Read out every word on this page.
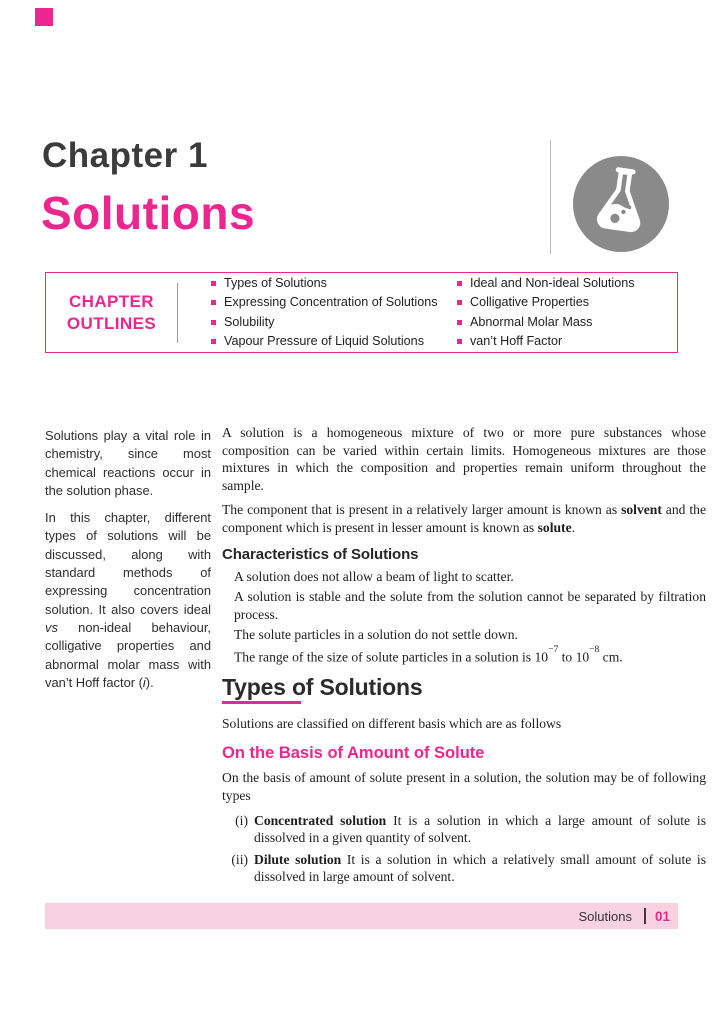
Chapter 1
Solutions
CHAPTER
OUTLINES
Types of Solutions
Expressing Concentration of Solutions
Solubility
Vapour Pressure of Liquid Solutions
Ideal and Non-ideal Solutions
Colligative Properties
Abnormal Molar Mass
van’t Hoff Factor

Solutions play a vital role in chemistry, since most chemical reactions occur in the solution phase.

In this chapter, different types of solutions will be discussed, along with standard methods of expressing concentration solution. It also covers ideal vs non-ideal behaviour, colligative properties and abnormal molar mass with van’t Hoff factor (i).

A solution is a homogeneous mixture of two or more pure substances whose composition can be varied within certain limits. Homogeneous mixtures are those mixtures in which the composition and properties remain uniform throughout the sample.

The component that is present in a relatively larger amount is known as solvent and the component which is present in lesser amount is known as solute.

Characteristics of Solutions
A solution does not allow a beam of light to scatter.
A solution is stable and the solute from the solution cannot be separated by filtration process.
The solute particles in a solution do not settle down.
The range of the size of solute particles in a solution is $10^{-7}$ to $10^{-8}$ cm.
Types of Solutions

Solutions are classified on different basis which are as follows

On the Basis of Amount of Solute

On the basis of amount of solute present in a solution, the solution may be of following types

(i) Concentrated solution It is a solution in which a large amount of solute is dissolved in a given quantity of solvent.
(ii) Dilute solution It is a solution in which a relatively small amount of solute is dissolved in large amount of solvent.
Solutions 01
